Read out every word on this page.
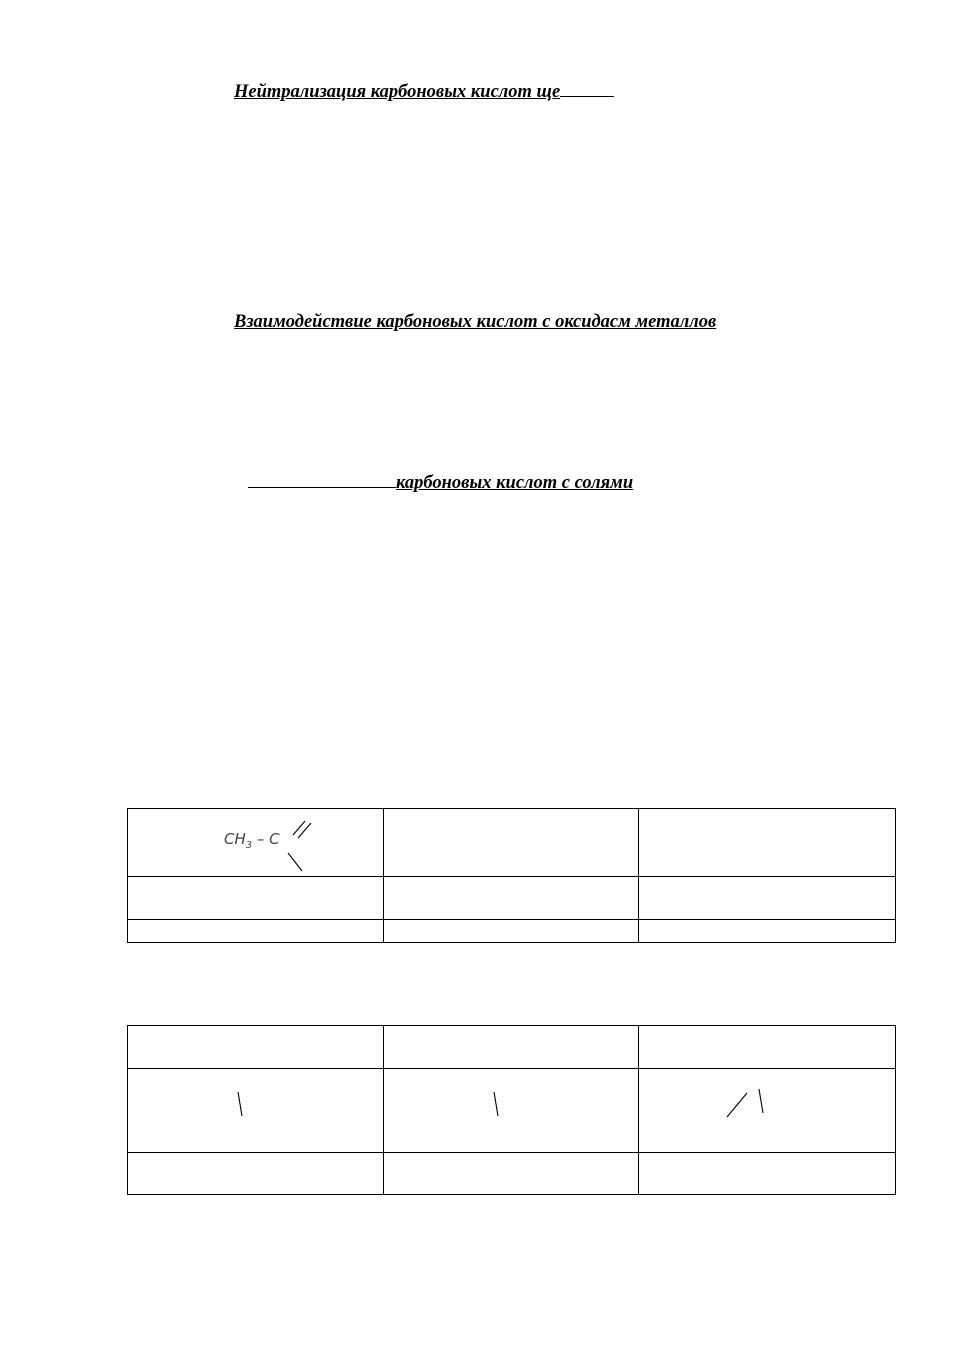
Нейтрализация карбоновых кислот ще
Взаимодействие карбоновых кислот с оксидасм металлов
карбоновых кислот с солями
$CH_3$ – C		
